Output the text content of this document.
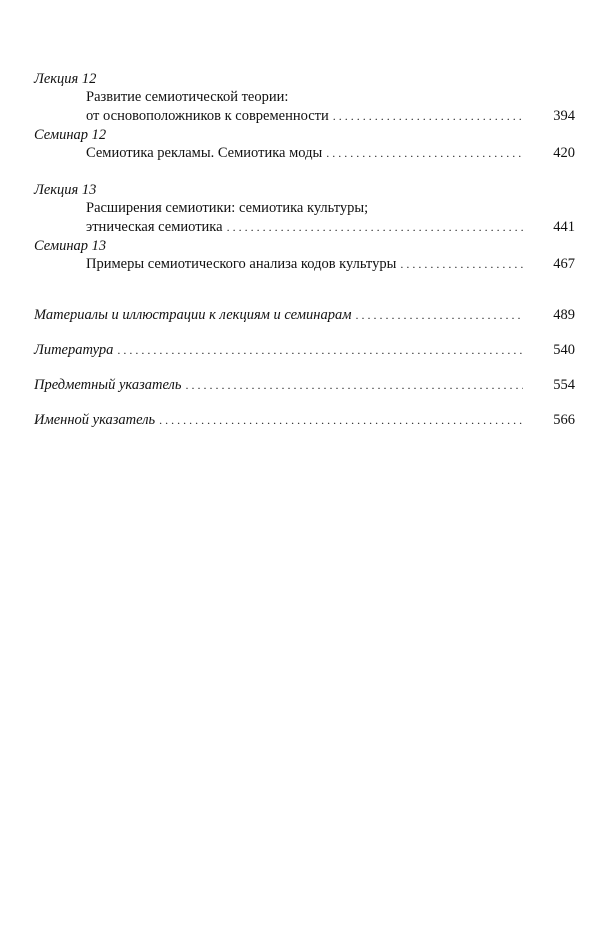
Лекция 12
Развитие семиотической теории:
от основоположников к современности . . .	394
Семинар 12
Семиотика рекламы. Семиотика моды . . .	420
Лекция 13
Расширения семиотики: семиотика культуры;
этническая семиотика . . .	441
Семинар 13
Примеры семиотического анализа кодов культуры . . .	467
Материалы и иллюстрации к лекциям и семинарам . . .	489
Литература . . .	540
Предметный указатель . . .	554
Именной указатель . . .	566
